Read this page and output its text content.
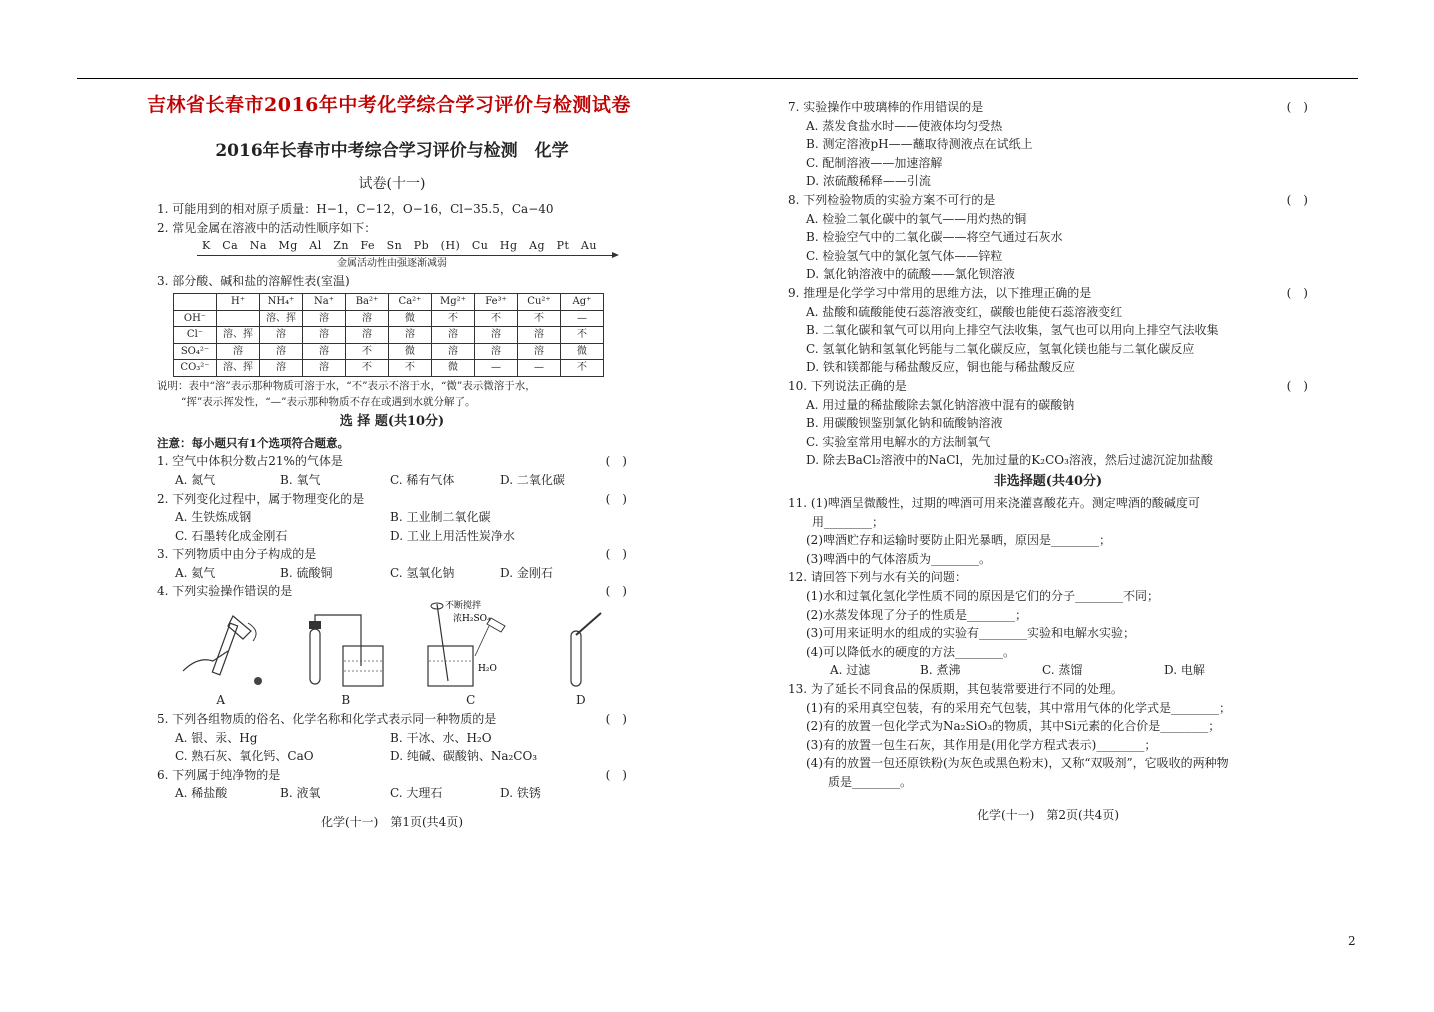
吉林省长春市2016年中考化学综合学习评价与检测试卷
2016年长春市中考综合学习评价与检测　化学
试卷(十一)
1. 可能用到的相对原子质量：H−1，C−12，O−16，Cl−35.5，Ca−40
2. 常见金属在溶液中的活动性顺序如下：
K Ca Na Mg Al Zn Fe Sn Pb (H) Cu Hg Ag Pt Au
金属活动性由强逐渐减弱
3. 部分酸、碱和盐的溶解性表(室温)
	H⁺	NH₄⁺	Na⁺	Ba²⁺	Ca²⁺	Mg²⁺	Fe³⁺	Cu²⁺	Ag⁺
OH⁻		溶、挥	溶	溶	微	不	不	不	—
Cl⁻	溶、挥	溶	溶	溶	溶	溶	溶	溶	不
SO₄²⁻	溶	溶	溶	不	微	溶	溶	溶	微
CO₃²⁻	溶、挥	溶	溶	不	不	微	—	—	不
说明：表中“溶”表示那种物质可溶于水，“不”表示不溶于水，“微”表示微溶于水，
“挥”表示挥发性，“—”表示那种物质不存在或遇到水就分解了。
选 择 题(共10分)
注意：每小题只有1个选项符合题意。
1. 空气中体积分数占21%的气体是	(　)
A. 氮气	B. 氧气	C. 稀有气体	D. 二氧化碳
2. 下列变化过程中，属于物理变化的是	(　)
A. 生铁炼成钢	B. 工业制二氧化碳
C. 石墨转化成金刚石	D. 工业上用活性炭净水
3. 下列物质中由分子构成的是	(　)
A. 氦气	B. 硫酸铜	C. 氢氧化钠	D. 金刚石
4. 下列实验操作错误的是	(　)
A	B
不断搅拌
浓H₂SO₄
H₂O
C	D
5. 下列各组物质的俗名、化学名称和化学式表示同一种物质的是	(　)
A. 银、汞、Hg	B. 干冰、水、H₂O
C. 熟石灰、氧化钙、CaO	D. 纯碱、碳酸钠、Na₂CO₃
6. 下列属于纯净物的是	(　)
A. 稀盐酸	B. 液氧	C. 大理石	D. 铁锈
化学(十一)　第1页(共4页)
7. 实验操作中玻璃棒的作用错误的是	(　)
A. 蒸发食盐水时——使液体均匀受热
B. 测定溶液pH——蘸取待测液点在试纸上
C. 配制溶液——加速溶解
D. 浓硫酸稀释——引流
8. 下列检验物质的实验方案不可行的是	(　)
A. 检验二氧化碳中的氧气——用灼热的铜
B. 检验空气中的二氧化碳——将空气通过石灰水
C. 检验氢气中的氯化氢气体——锌粒
D. 氯化钠溶液中的硫酸——氯化钡溶液
9. 推理是化学学习中常用的思维方法，以下推理正确的是	(　)
A. 盐酸和硫酸能使石蕊溶液变红，碳酸也能使石蕊溶液变红
B. 二氧化碳和氧气可以用向上排空气法收集，氢气也可以用向上排空气法收集
C. 氢氧化钠和氢氧化钙能与二氧化碳反应，氢氧化镁也能与二氧化碳反应
D. 铁和镁都能与稀盐酸反应，铜也能与稀盐酸反应
10. 下列说法正确的是	(　)
A. 用过量的稀盐酸除去氯化钠溶液中混有的碳酸钠
B. 用碳酸钡鉴别氯化钠和硫酸钠溶液
C. 实验室常用电解水的方法制氧气
D. 除去BaCl₂溶液中的NaCl，先加过量的K₂CO₃溶液，然后过滤沉淀加盐酸
非选择题(共40分)
11. (1)啤酒呈微酸性，过期的啤酒可用来浇灌喜酸花卉。测定啤酒的酸碱度可
用________；
(2)啤酒贮存和运输时要防止阳光暴晒，原因是________；
(3)啤酒中的气体溶质为________。
12. 请回答下列与水有关的问题：
(1)水和过氧化氢化学性质不同的原因是它们的分子________不同；
(2)水蒸发体现了分子的性质是________；
(3)可用来证明水的组成的实验有________实验和电解水实验；
(4)可以降低水的硬度的方法________。
A. 过滤	B. 煮沸	C. 蒸馏	D. 电解
13. 为了延长不同食品的保质期，其包装常要进行不同的处理。
(1)有的采用真空包装，有的采用充气包装，其中常用气体的化学式是________；
(2)有的放置一包化学式为Na₂SiO₃的物质，其中Si元素的化合价是________；
(3)有的放置一包生石灰，其作用是(用化学方程式表示)________；
(4)有的放置一包还原铁粉(为灰色或黑色粉末)，又称“双吸剂”，它吸收的两种物
质是________。
化学(十一)　第2页(共4页)
2
